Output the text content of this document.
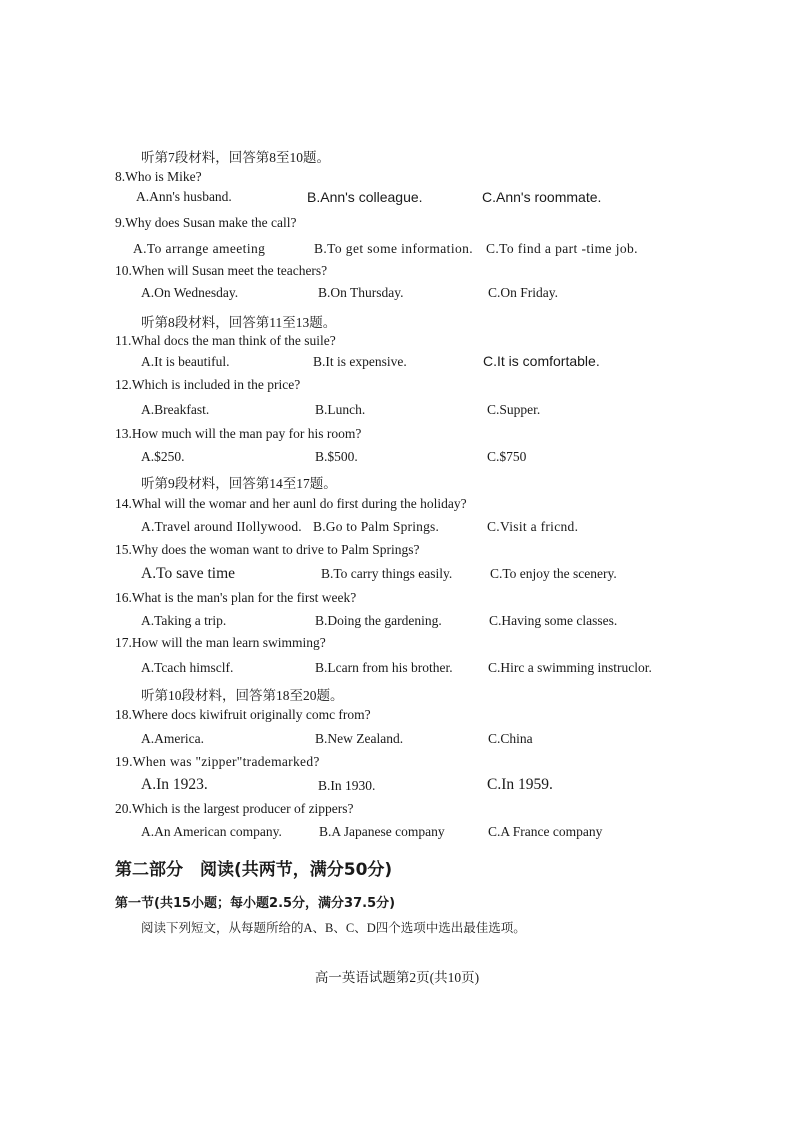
听第7段材料，回答第8至10题。
8.Who is Mike?
A.Ann's husband.	B.Ann's colleague.	C.Ann's roommate.
9.Why does Susan make the call?
A.To arrange ameeting	B.To get some information. C.To find a part -time job.
10.When will Susan meet the teachers?
A.On Wednesday.	B.On Thursday.	C.On Friday.
听第8段材料，回答第11至13题。
11.Whal docs the man think of the suile?
A.It is beautiful.	B.It is expensive.	C.It is comfortable.
12.Which is included in the price?
A.Breakfast.	B.Lunch.	C.Supper.
13.How much will the man pay for his room?
A.$250.	B.$500.	C.$750
听第9段材料，回答第14至17题。
14.Whal will the womar and her aunl do first during the holiday?
A.Travel around IIollywood. B.Go to Palm Springs.	C.Visit a fricnd.
15.Why does the woman want to drive to Palm Springs?
A.To save time	B.To carry things easily.	C.To enjoy the scenery.
16.What is the man's plan for the first week?
A.Taking a trip.	B.Doing the gardening.	C.Having some classes.
17.How will the man learn swimming?
A.Tcach himsclf.	B.Lcarn from his brother.	C.Hirc a swimming instruclor.
听第10段材料，回答第18至20题。
18.Where docs kiwifruit originally comc from?
A.America.	B.New Zealand.	C.China
19.When was "zipper"trademarked?
A.In 1923.	B.In 1930.	C.In 1959.
20.Which is the largest producer of zippers?
A.An American company.	B.A Japanese company	C.A France company
第二部分　阅读(共两节，满分50分)
第一节(共15小题；每小题2.5分，满分37.5分)
阅读下列短文，从每题所给的A、B、C、D四个选项中选出最佳选项。
高一英语试题第2页(共10页)
